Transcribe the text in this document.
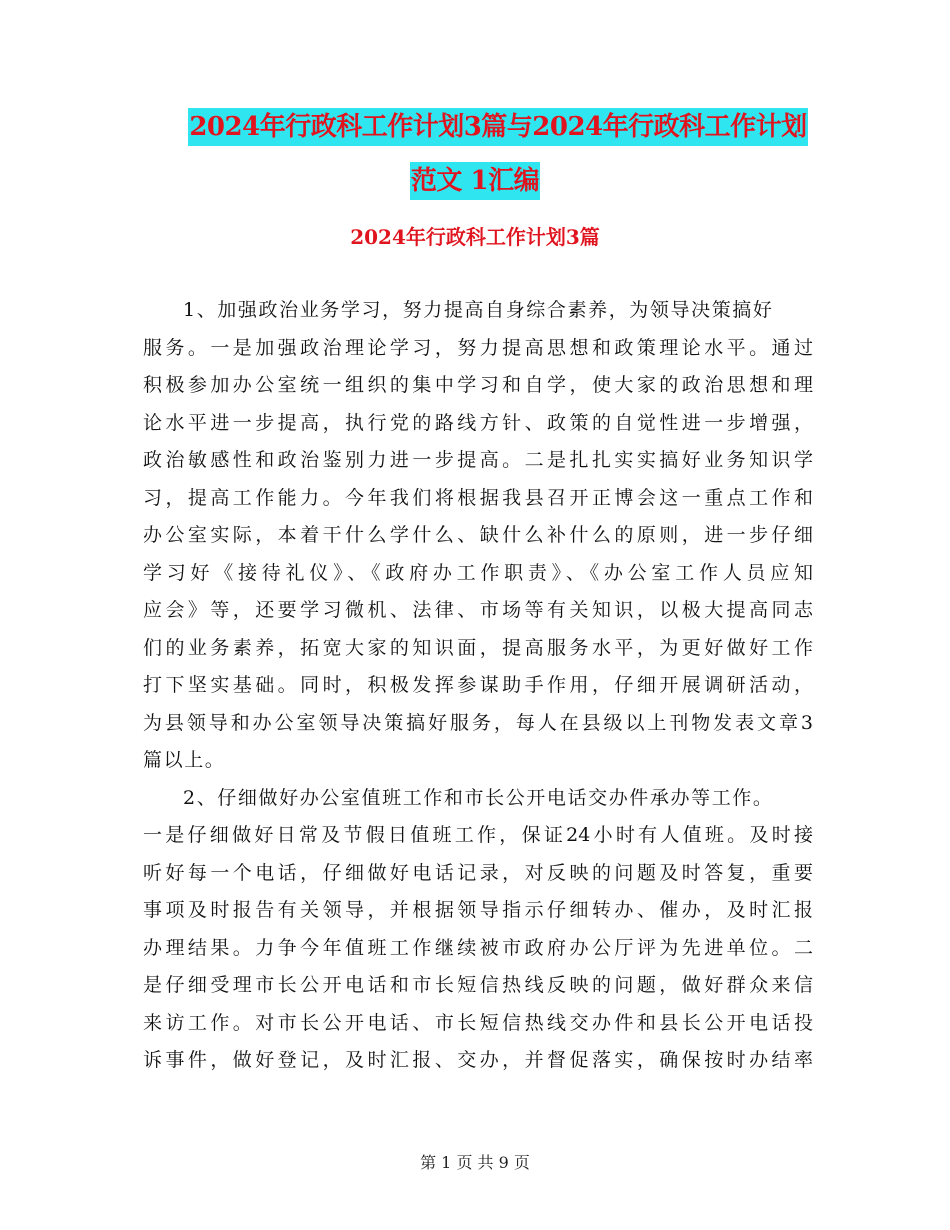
2024年行政科工作计划3篇与2024年行政科工作计划
范文 1汇编
2024年行政科工作计划3篇
1、加强政治业务学习，努力提高自身综合素养，为领导决策搞好
服务。一是加强政治理论学习，努力提高思想和政策理论水平。通过
积极参加办公室统一组织的集中学习和自学，使大家的政治思想和理
论水平进一步提高，执行党的路线方针、政策的自觉性进一步增强，
政治敏感性和政治鉴别力进一步提高。二是扎扎实实搞好业务知识学
习，提高工作能力。今年我们将根据我县召开正博会这一重点工作和
办公室实际，本着干什么学什么、缺什么补什么的原则，进一步仔细
学习好《接待礼仪》、《政府办工作职责》、《办公室工作人员应知
应会》等，还要学习微机、法律、市场等有关知识，以极大提高同志
们的业务素养，拓宽大家的知识面，提高服务水平，为更好做好工作
打下坚实基础。同时，积极发挥参谋助手作用，仔细开展调研活动，
为县领导和办公室领导决策搞好服务，每人在县级以上刊物发表文章3
篇以上。
2、仔细做好办公室值班工作和市长公开电话交办件承办等工作。
一是仔细做好日常及节假日值班工作，保证24小时有人值班。及时接
听好每一个电话，仔细做好电话记录，对反映的问题及时答复，重要
事项及时报告有关领导，并根据领导指示仔细转办、催办，及时汇报
办理结果。力争今年值班工作继续被市政府办公厅评为先进单位。二
是仔细受理市长公开电话和市长短信热线反映的问题，做好群众来信
来访工作。对市长公开电话、市长短信热线交办件和县长公开电话投
诉事件，做好登记，及时汇报、交办，并督促落实，确保按时办结率
第 1 页 共 9 页
